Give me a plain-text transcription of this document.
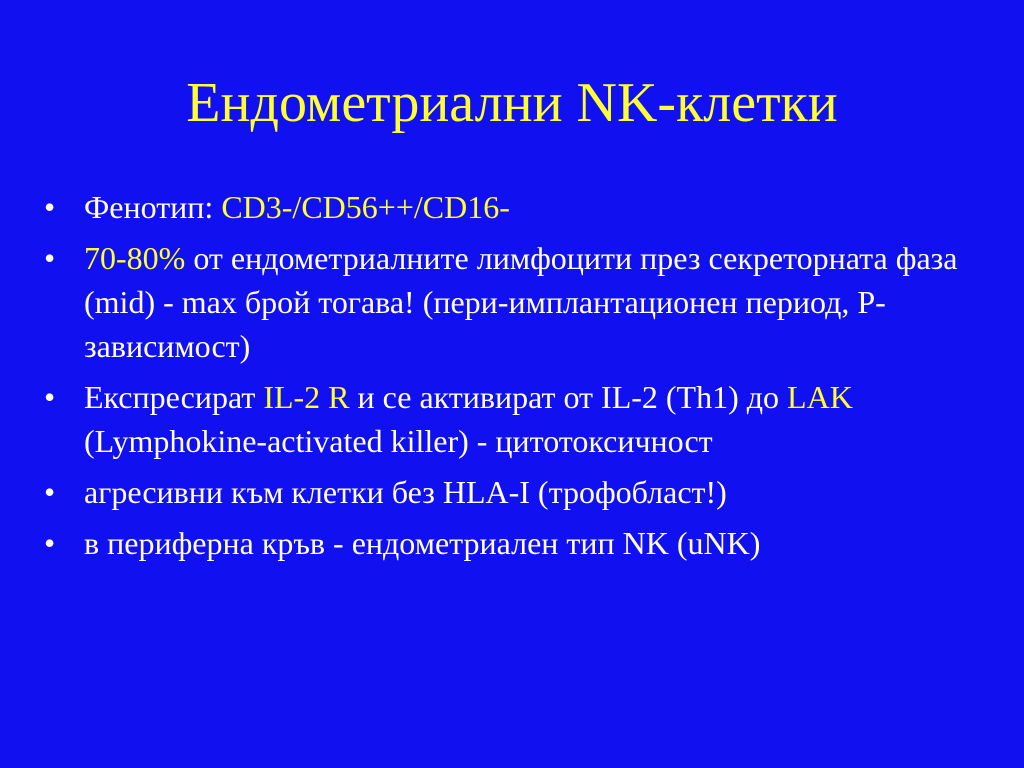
Ендометриални NK-клетки
• Фенотип: CD3-/CD56++/CD16-
• 70-80% от ендометриалните лимфоцити през секреторната фаза (mid) - max брой тогава! (пери-имплантационен период, P-зависимост)
• Експресират IL-2 R и се активират от IL-2 (Th1) до LAK (Lymphokine-activated killer) - цитотоксичност
• агресивни към клетки без HLA-I (трофобласт!)
• в периферна кръв - ендометриален тип NK (uNK)
